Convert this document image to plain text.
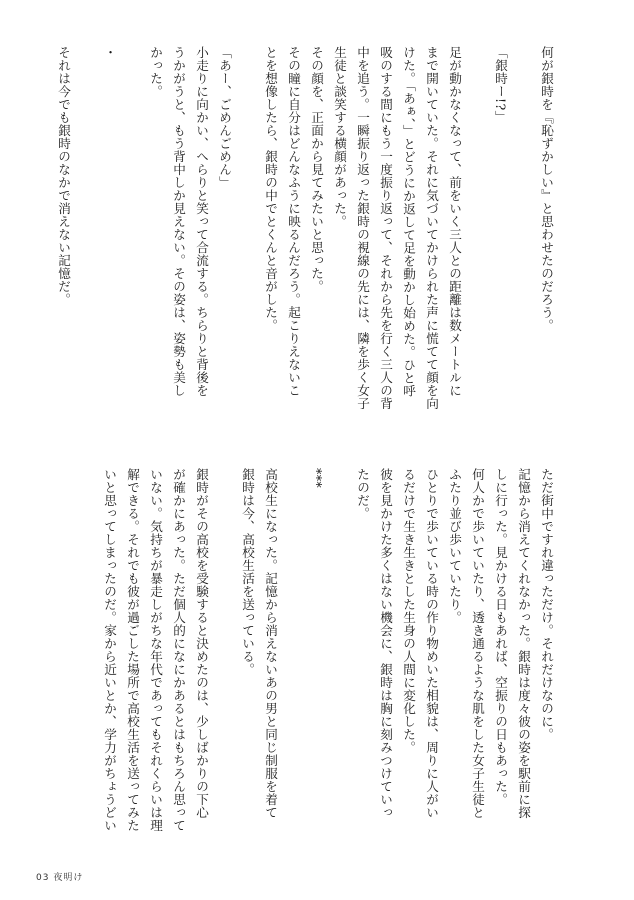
何が銀時を『恥ずかしい』と思わせたのだろう。

「銀時ー!?」

足が動かなくなって、前をいく三人との距離は数メートルに
まで開いていた。それに気づいてかけられた声に慌てて顔を向
けた。「あぁ、」とどうにか返して足を動かし始めた。ひと呼
吸のする間にもう一度振り返って、それから先を行く三人の背
中を追う。一瞬振り返った銀時の視線の先には、隣を歩く女子
生徒と談笑する横顔があった。
その顔を、正面から見てみたいと思った。
その瞳に自分はどんなふうに映るんだろう。起こりえないこ
とを想像したら、銀時の中でとくんと音がした。

「あー、ごめんごめん」
小走りに向かい、へらりと笑って合流する。ちらりと背後を
うかがうと、もう背中しか見えない。その姿は、姿勢も美し
かった。

・

それは今でも銀時のなかで消えない記憶だ。
ただ街中ですれ違っただけ。それだけなのに。
記憶から消えてくれなかった。銀時は度々彼の姿を駅前に探
しに行った。見かける日もあれば、空振りの日もあった。
何人かで歩いていたり、透き通るような肌をした女子生徒と
ふたり並び歩いていたり。
ひとりで歩いている時の作り物めいた相貌は、周りに人がい
るだけで生き生きとした生身の人間に変化した。
彼を見かけた多くはない機会に、銀時は胸に刻みつけていっ
たのだ。

***

高校生になった。記憶から消えないあの男と同じ制服を着て
銀時は今、高校生活を送っている。

銀時がその高校を受験すると決めたのは、少しばかりの下心
が確かにあった。ただ個人的になにかあるとはもちろん思って
いない。気持ちが暴走しがちな年代であってもそれくらいは理
解できる。それでも彼が過ごした場所で高校生活を送ってみた
いと思ってしまったのだ。家から近いとか、学力がちょうどい
03 夜明け
